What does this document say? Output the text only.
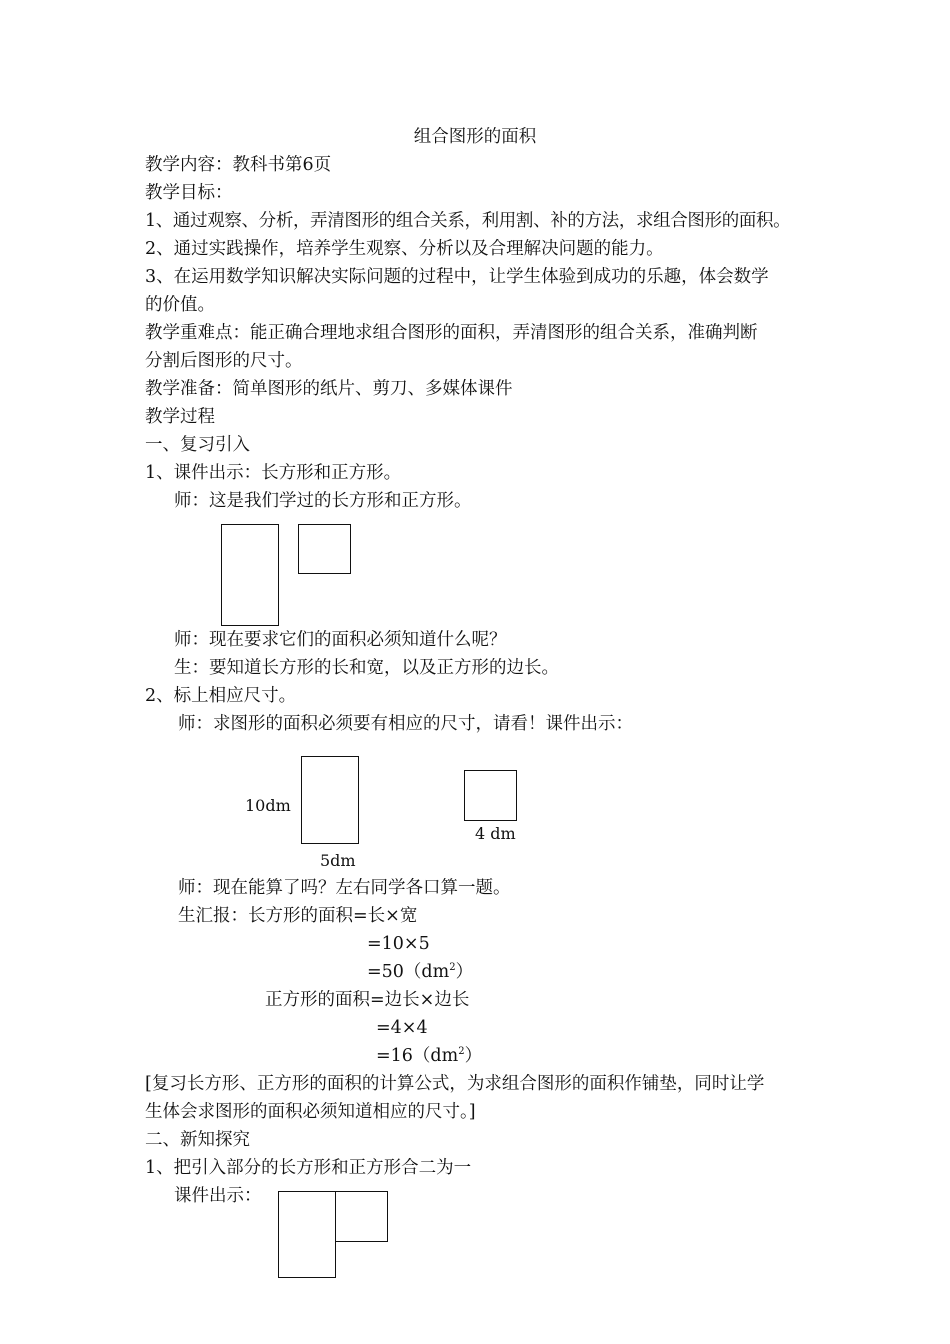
组合图形的面积
教学内容：教科书第6页
教学目标：
1、通过观察、分析，弄清图形的组合关系，利用割、补的方法，求组合图形的面积。
2、通过实践操作，培养学生观察、分析以及合理解决问题的能力。
3、在运用数学知识解决实际问题的过程中，让学生体验到成功的乐趣，体会数学
的价值。
教学重难点：能正确合理地求组合图形的面积，弄清图形的组合关系，准确判断
分割后图形的尺寸。
教学准备：简单图形的纸片、剪刀、多媒体课件
教学过程
一、复习引入
1、课件出示：长方形和正方形。
师：这是我们学过的长方形和正方形。
师：现在要求它们的面积必须知道什么呢？
生：要知道长方形的长和宽，以及正方形的边长。
2、标上相应尺寸。
师：求图形的面积必须要有相应的尺寸，请看！课件出示：
10dm
5dm
4 dm
师：现在能算了吗？左右同学各口算一题。
生汇报：长方形的面积=长×宽
=10×5
$=50(dm^2)$
正方形的面积=边长×边长
=4×4
$=16(dm^2)$
[复习长方形、正方形的面积的计算公式，为求组合图形的面积作铺垫，同时让学
生体会求图形的面积必须知道相应的尺寸。]
二、新知探究
1、把引入部分的长方形和正方形合二为一
课件出示：
